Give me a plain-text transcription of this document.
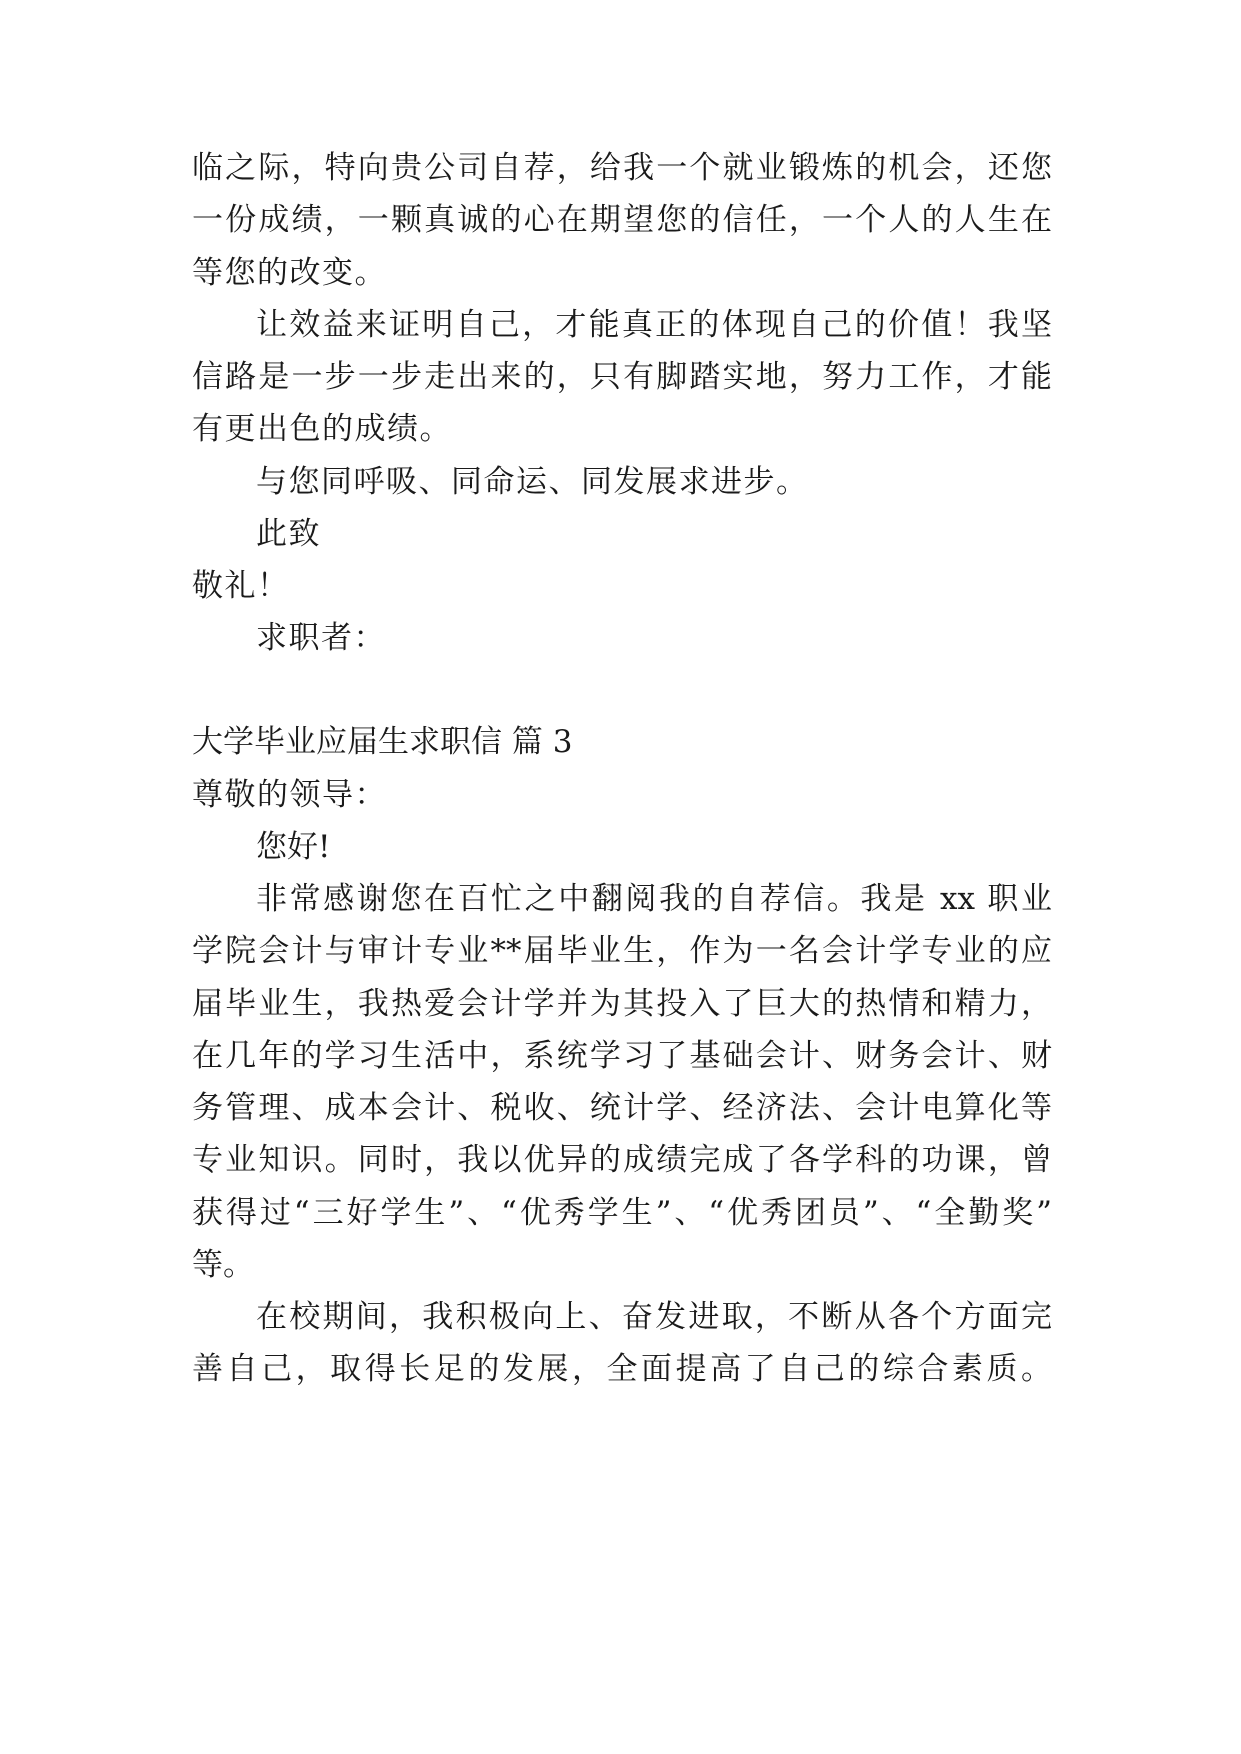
临之际，特向贵公司自荐，给我一个就业锻炼的机会，还您
一份成绩，一颗真诚的心在期望您的信任，一个人的人生在
等您的改变。
让效益来证明自己，才能真正的体现自己的价值！我坚
信路是一步一步走出来的，只有脚踏实地，努力工作，才能
有更出色的成绩。
与您同呼吸、同命运、同发展求进步。
此致
敬礼！
求职者：
大学毕业应届生求职信 篇 3
尊敬的领导：
您好!
非常感谢您在百忙之中翻阅我的自荐信。我是 xx 职业
学院会计与审计专业**届毕业生，作为一名会计学专业的应
届毕业生，我热爱会计学并为其投入了巨大的热情和精力，
在几年的学习生活中，系统学习了基础会计、财务会计、财
务管理、成本会计、税收、统计学、经济法、会计电算化等
专业知识。同时，我以优异的成绩完成了各学科的功课，曾
获得过“三好学生”、“优秀学生”、“优秀团员”、“全勤奖”
等。
在校期间，我积极向上、奋发进取，不断从各个方面完
善自己，取得长足的发展，全面提高了自己的综合素质。
